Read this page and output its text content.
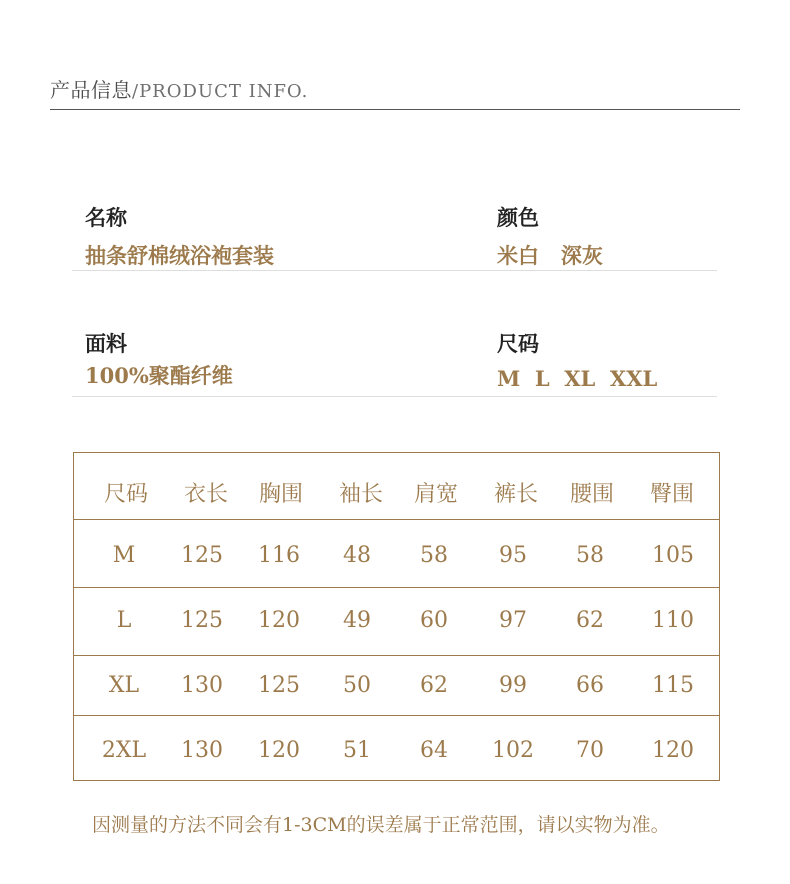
产品信息/PRODUCT INFO.
名称
抽条舒棉绒浴袍套装
颜色
米白   深灰
面料
100%聚酯纤维
尺码
M  L  XL  XXL
尺码 衣长 胸围 袖长 肩宽 裤长 腰围 臀围
M 125 116 48 58 95 58 105
L 125 120 49 60 97 62 110
XL 130 125 50 62 99 66 115
2XL 130 120 51 64 102 70 120
因测量的方法不同会有1-3CM的误差属于正常范围，请以实物为准。
